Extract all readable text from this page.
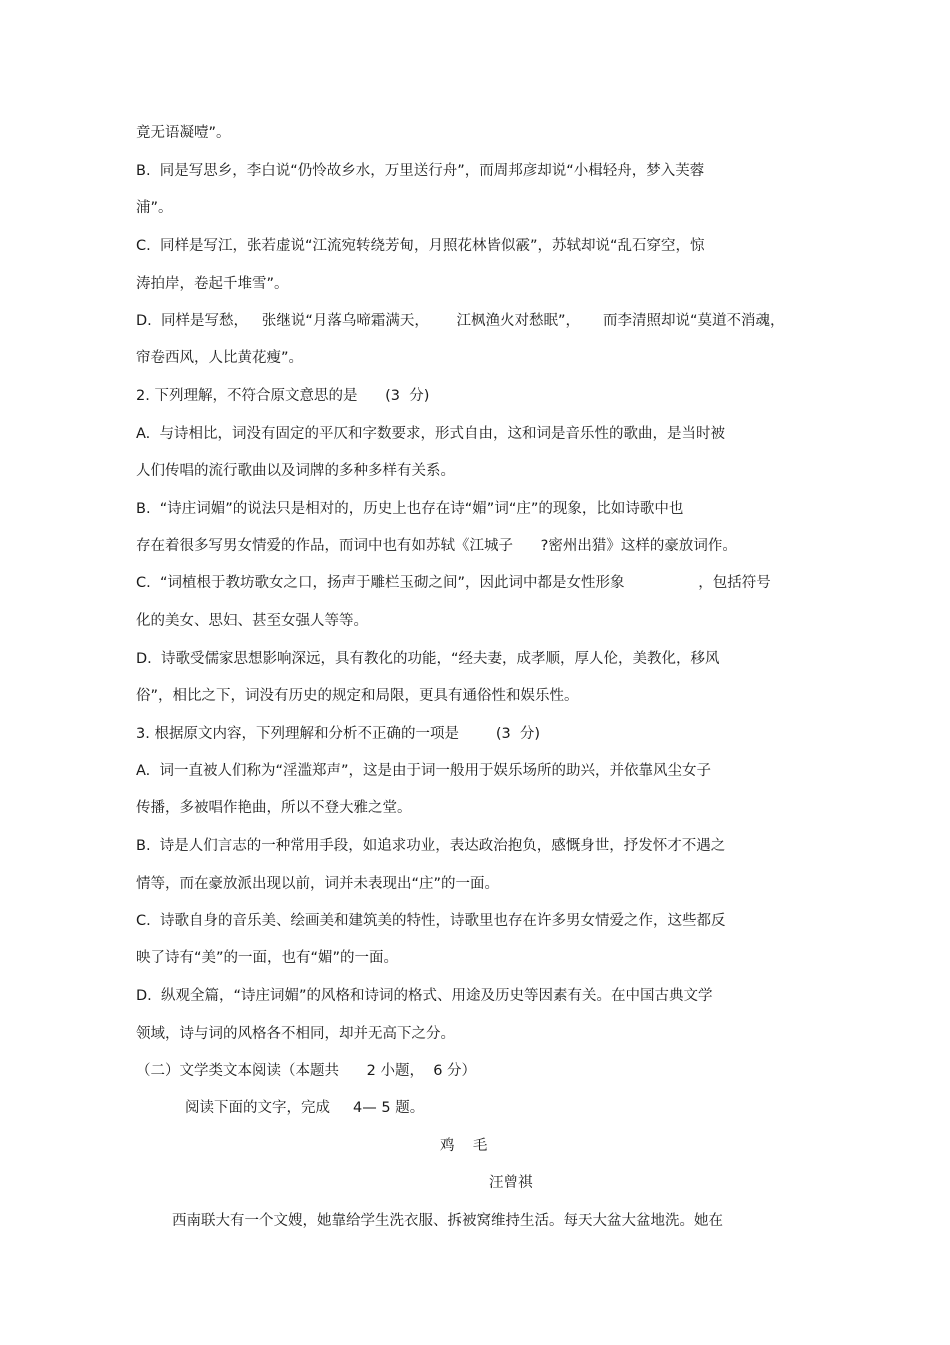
竟无语凝噎”。
B.  同是写思乡，李白说“仍怜故乡水，万里送行舟”，而周邦彦却说“小楫轻舟，梦入芙蓉
浦”。
C.  同样是写江，张若虚说“江流宛转绕芳甸，月照花林皆似霰”，苏轼却说“乱石穿空，惊
涛拍岸，卷起千堆雪”。
D.  同样是写愁，   张继说“月落乌啼霜满天，      江枫渔火对愁眠”，     而李清照却说“莫道不消魂，
帘卷西风，人比黄花瘦”。
2. 下列理解，不符合原文意思的是      (3  分)
A.  与诗相比，词没有固定的平仄和字数要求，形式自由，这和词是音乐性的歌曲，是当时被
人们传唱的流行歌曲以及词牌的多种多样有关系。
B.  “诗庄词媚”的说法只是相对的，历史上也存在诗“媚”词“庄”的现象，比如诗歌中也
存在着很多写男女情爱的作品，而词中也有如苏轼《江城子      ?密州出猎》这样的豪放词作。
C.  “词植根于教坊歌女之口，扬声于雕栏玉砌之间”，因此词中都是女性形象                ，包括符号
化的美女、思妇、甚至女强人等等。
D.  诗歌受儒家思想影响深远，具有教化的功能，“经夫妻，成孝顺，厚人伦，美教化，移风
俗”，相比之下，词没有历史的规定和局限，更具有通俗性和娱乐性。
3. 根据原文内容，下列理解和分析不正确的一项是        (3  分)
A.  词一直被人们称为“淫滥郑声”，这是由于词一般用于娱乐场所的助兴，并依靠风尘女子
传播，多被唱作艳曲，所以不登大雅之堂。
B.  诗是人们言志的一种常用手段，如追求功业，表达政治抱负，感慨身世，抒发怀才不遇之
情等，而在豪放派出现以前，词并未表现出“庄”的一面。
C.  诗歌自身的音乐美、绘画美和建筑美的特性，诗歌里也存在许多男女情爱之作，这些都反
映了诗有“美”的一面，也有“媚”的一面。
D.  纵观全篇，“诗庄词媚”的风格和诗词的格式、用途及历史等因素有关。在中国古典文学
领域，诗与词的风格各不相同，却并无高下之分。
（二）文学类文本阅读（本题共      2 小题，  6 分）
阅读下面的文字，完成     4— 5 题。
鸡    毛
汪曾祺
西南联大有一个文嫂，她靠给学生洗衣服、拆被窝维持生活。每天大盆大盆地洗。她在
